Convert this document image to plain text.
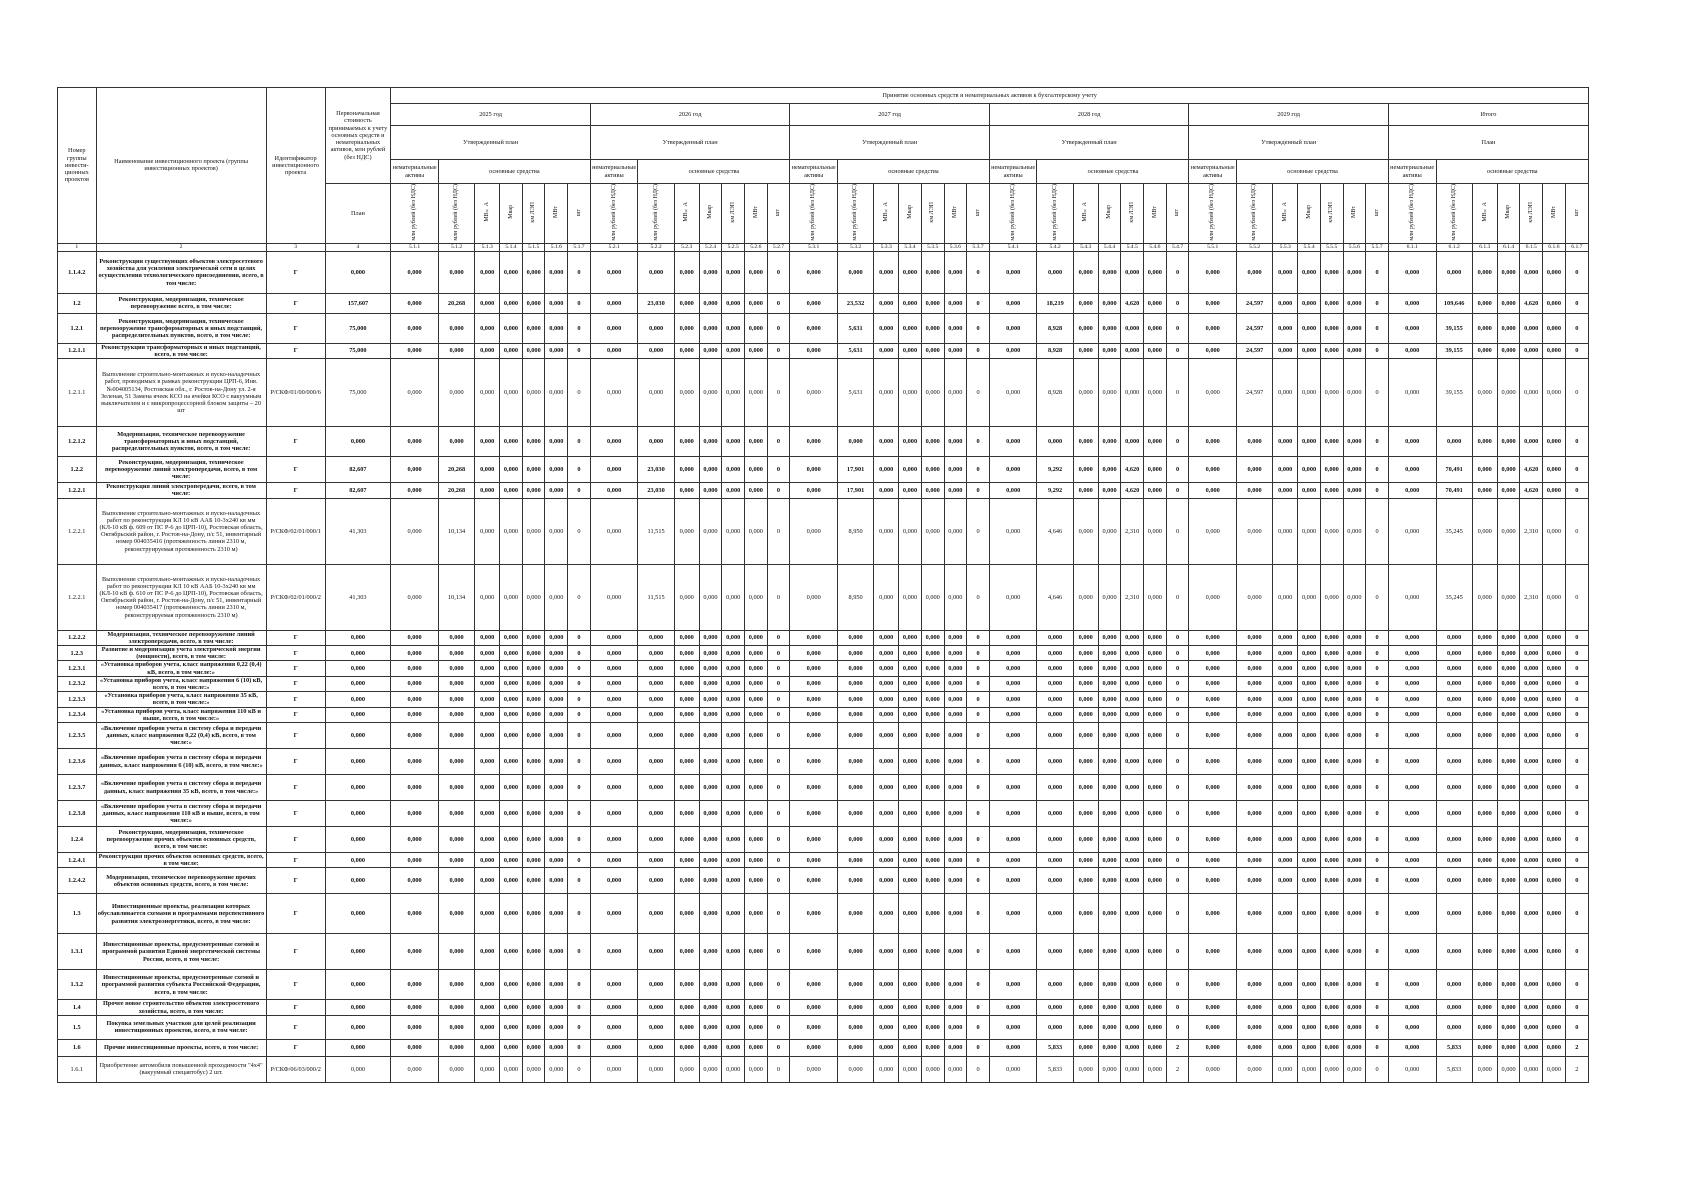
Номер группы инвести-ционных проектов	Наименование инвестиционного проекта (группы инвестиционных проектов)	Идентификатор инвестиционного проекта	Первоначальная стоимость принимаемых к учету основных средств и нематериальных активов, млн рублей (без НДС)	Принятие основных средств и нематериальных активов к бухгалтерскому учету																																									
				2025 год							2026 год							2027 год							2028 год							2029 год							Итого						
				Утвержденный план							Утвержденный план							Утвержденный план							Утвержденный план							Утвержденный план							План						
				нематериальные активы	основные средства						нематериальные активы	основные средства						нематериальные активы	основные средства						нематериальные активы	основные средства						нематериальные активы	основные средства						нематериальные активы	основные средства					
			План	млн рублей (без НДС)	млн рублей (без НДС)	МВ×А	Мвар	км ЛЭП	МВт	шт	млн рублей (без НДС)	млн рублей (без НДС)	МВ×А	Мвар	км ЛЭП	МВт	шт	млн рублей (без НДС)	млн рублей (без НДС)	МВ×А	Мвар	км ЛЭП	МВт	шт	млн рублей (без НДС)	млн рублей (без НДС)	МВ×А	Мвар	км ЛЭП	МВт	шт	млн рублей (без НДС)	млн рублей (без НДС)	МВ×А	Мвар	км ЛЭП	МВт	шт	млн рублей (без НДС)	млн рублей (без НДС)	МВ×А	Мвар	км ЛЭП	МВт	шт
1	2	3	4	5.1.1	5.1.2	5.1.3	5.1.4	5.1.5	5.1.6	5.1.7	5.2.1	5.2.2	5.2.3	5.2.4	5.2.5	5.2.6	5.2.7	5.3.1	5.3.2	5.3.3	5.3.4	5.3.5	5.3.6	5.3.7	5.4.1	5.4.2	5.4.3	5.4.4	5.4.5	5.4.6	5.4.7	5.5.1	5.5.2	5.5.3	5.5.4	5.5.5	5.5.6	5.5.7	6.1.1	6.1.2	6.1.3	6.1.4	6.1.5	6.1.6	6.1.7
1.1.4.2	Реконструкция существующих объектов электросетевого хозяйства для усиления электрической сети в целях осуществления технологического присоединения, всего, в том числе:	Г	0,000	0,000	0,000	0,000	0,000	0,000	0,000	0	0,000	0,000	0,000	0,000	0,000	0,000	0	0,000	0,000	0,000	0,000	0,000	0,000	0	0,000	0,000	0,000	0,000	0,000	0,000	0	0,000	0,000	0,000	0,000	0,000	0,000	0	0,000	0,000	0,000	0,000	0,000	0,000	0
1.2	Реконструкция, модернизация, техническое перевооружение всего, в том числе:	Г	157,607	0,000	20,268	0,000	0,000	0,000	0,000	0	0,000	23,030	0,000	0,000	0,000	0,000	0	0,000	23,532	0,000	0,000	0,000	0,000	0	0,000	18,219	0,000	0,000	4,620	0,000	0	0,000	24,597	0,000	0,000	0,000	0,000	0	0,000	109,646	0,000	0,000	4,620	0,000	0
1.2.1	Реконструкция, модернизация, техническое перевооружение трансформаторных и иных подстанций, распределительных пунктов, всего, в том числе:	Г	75,000	0,000	0,000	0,000	0,000	0,000	0,000	0	0,000	0,000	0,000	0,000	0,000	0,000	0	0,000	5,631	0,000	0,000	0,000	0,000	0	0,000	8,928	0,000	0,000	0,000	0,000	0	0,000	24,597	0,000	0,000	0,000	0,000	0	0,000	39,155	0,000	0,000	0,000	0,000	0
1.2.1.1	Реконструкция трансформаторных и иных подстанций, всего, в том числе:	Г	75,000	0,000	0,000	0,000	0,000	0,000	0,000	0	0,000	0,000	0,000	0,000	0,000	0,000	0	0,000	5,631	0,000	0,000	0,000	0,000	0	0,000	8,928	0,000	0,000	0,000	0,000	0	0,000	24,597	0,000	0,000	0,000	0,000	0	0,000	39,155	0,000	0,000	0,000	0,000	0
1.2.1.1	Выполнение строительно-монтажных и пуско-наладочных работ, проводимых в рамках реконструкции ЦРП-6, Инв. №004005134, Ростовская обл., г. Ростов-на-Дону ул. 2-я Зеленая, 51 Замена ячеек КСО на ячейки КСО с вакуумным выключателем и с микропроцессорной блоком защиты – 20 шт	Р/СКФ/01/00/000/6	75,000	0,000	0,000	0,000	0,000	0,000	0,000	0	0,000	0,000	0,000	0,000	0,000	0,000	0	0,000	5,631	0,000	0,000	0,000	0,000	0	0,000	8,928	0,000	0,000	0,000	0,000	0	0,000	24,597	0,000	0,000	0,000	0,000	0	0,000	39,155	0,000	0,000	0,000	0,000	0
1.2.1.2	Модернизация, техническое перевооружение трансформаторных и иных подстанций, распределительных пунктов, всего, в том числе:	Г	0,000	0,000	0,000	0,000	0,000	0,000	0,000	0	0,000	0,000	0,000	0,000	0,000	0,000	0	0,000	0,000	0,000	0,000	0,000	0,000	0	0,000	0,000	0,000	0,000	0,000	0,000	0	0,000	0,000	0,000	0,000	0,000	0,000	0	0,000	0,000	0,000	0,000	0,000	0,000	0
1.2.2	Реконструкция, модернизация, техническое перевооружение линий электропередачи, всего, в том числе:	Г	82,607	0,000	20,268	0,000	0,000	0,000	0,000	0	0,000	23,030	0,000	0,000	0,000	0,000	0	0,000	17,901	0,000	0,000	0,000	0,000	0	0,000	9,292	0,000	0,000	4,620	0,000	0	0,000	0,000	0,000	0,000	0,000	0,000	0	0,000	70,491	0,000	0,000	4,620	0,000	0
1.2.2.1	Реконструкция линий электропередачи, всего, в том числе:	Г	82,607	0,000	20,268	0,000	0,000	0,000	0,000	0	0,000	23,030	0,000	0,000	0,000	0,000	0	0,000	17,901	0,000	0,000	0,000	0,000	0	0,000	9,292	0,000	0,000	4,620	0,000	0	0,000	0,000	0,000	0,000	0,000	0,000	0	0,000	70,491	0,000	0,000	4,620	0,000	0
1.2.2.1	Выполнение строительно-монтажных и пуско-наладочных работ по реконструкции КЛ 10 кВ ААБ 10-3х240 кв мм (КЛ-10 кВ ф. 609 от ПС Р-6 до ЦРП-10), Ростовская область, Октябрьский район, г. Ростов-на-Дону, п/с 51, инвентарный номер 004035416 (протяженность линии 2310 м, реконструируемая протяженность 2310 м)	Р/СКФ/02/01/000/1	41,303	0,000	10,134	0,000	0,000	0,000	0,000	0	0,000	11,515	0,000	0,000	0,000	0,000	0	0,000	8,950	0,000	0,000	0,000	0,000	0	0,000	4,646	0,000	0,000	2,310	0,000	0	0,000	0,000	0,000	0,000	0,000	0,000	0	0,000	35,245	0,000	0,000	2,310	0,000	0
1.2.2.1	Выполнение строительно-монтажных и пуско-наладочных работ по реконструкции КЛ 10 кВ ААБ 10-3х240 кв мм (КЛ-10 кВ ф. 610 от ПС Р-6 до ЦРП-10), Ростовская область, Октябрьский район, г. Ростов-на-Дону, п/с 51, инвентарный номер 004035417 (протяженность линии 2310 м, реконструируемая протяженность 2310 м)	Р/СКФ/02/01/000/2	41,303	0,000	10,134	0,000	0,000	0,000	0,000	0	0,000	11,515	0,000	0,000	0,000	0,000	0	0,000	8,950	0,000	0,000	0,000	0,000	0	0,000	4,646	0,000	0,000	2,310	0,000	0	0,000	0,000	0,000	0,000	0,000	0,000	0	0,000	35,245	0,000	0,000	2,310	0,000	0
1.2.2.2	Модернизация, техническое перевооружение линий электропередачи, всего, в том числе:	Г	0,000	0,000	0,000	0,000	0,000	0,000	0,000	0	0,000	0,000	0,000	0,000	0,000	0,000	0	0,000	0,000	0,000	0,000	0,000	0,000	0	0,000	0,000	0,000	0,000	0,000	0,000	0	0,000	0,000	0,000	0,000	0,000	0,000	0	0,000	0,000	0,000	0,000	0,000	0,000	0
1.2.3	Развитие и модернизация учета электрической энергии (мощности), всего, в том числе:	Г	0,000	0,000	0,000	0,000	0,000	0,000	0,000	0	0,000	0,000	0,000	0,000	0,000	0,000	0	0,000	0,000	0,000	0,000	0,000	0,000	0	0,000	0,000	0,000	0,000	0,000	0,000	0	0,000	0,000	0,000	0,000	0,000	0,000	0	0,000	0,000	0,000	0,000	0,000	0,000	0
1.2.3.1	«Установка приборов учета, класс напряжения 0,22 (0,4) кВ, всего, в том числе:»	Г	0,000	0,000	0,000	0,000	0,000	0,000	0,000	0	0,000	0,000	0,000	0,000	0,000	0,000	0	0,000	0,000	0,000	0,000	0,000	0,000	0	0,000	0,000	0,000	0,000	0,000	0,000	0	0,000	0,000	0,000	0,000	0,000	0,000	0	0,000	0,000	0,000	0,000	0,000	0,000	0
1.2.3.2	«Установка приборов учета, класс напряжения 6 (10) кВ, всего, в том числе:»	Г	0,000	0,000	0,000	0,000	0,000	0,000	0,000	0	0,000	0,000	0,000	0,000	0,000	0,000	0	0,000	0,000	0,000	0,000	0,000	0,000	0	0,000	0,000	0,000	0,000	0,000	0,000	0	0,000	0,000	0,000	0,000	0,000	0,000	0	0,000	0,000	0,000	0,000	0,000	0,000	0
1.2.3.3	«Установка приборов учета, класс напряжения 35 кВ, всего, в том числе:»	Г	0,000	0,000	0,000	0,000	0,000	0,000	0,000	0	0,000	0,000	0,000	0,000	0,000	0,000	0	0,000	0,000	0,000	0,000	0,000	0,000	0	0,000	0,000	0,000	0,000	0,000	0,000	0	0,000	0,000	0,000	0,000	0,000	0,000	0	0,000	0,000	0,000	0,000	0,000	0,000	0
1.2.3.4	«Установка приборов учета, класс напряжения 110 кВ и выше, всего, в том числе:»	Г	0,000	0,000	0,000	0,000	0,000	0,000	0,000	0	0,000	0,000	0,000	0,000	0,000	0,000	0	0,000	0,000	0,000	0,000	0,000	0,000	0	0,000	0,000	0,000	0,000	0,000	0,000	0	0,000	0,000	0,000	0,000	0,000	0,000	0	0,000	0,000	0,000	0,000	0,000	0,000	0
1.2.3.5	«Включение приборов учета в систему сбора и передачи данных, класс напряжения 0,22 (0,4) кВ, всего, в том числе:»	Г	0,000	0,000	0,000	0,000	0,000	0,000	0,000	0	0,000	0,000	0,000	0,000	0,000	0,000	0	0,000	0,000	0,000	0,000	0,000	0,000	0	0,000	0,000	0,000	0,000	0,000	0,000	0	0,000	0,000	0,000	0,000	0,000	0,000	0	0,000	0,000	0,000	0,000	0,000	0,000	0
1.2.3.6	«Включение приборов учета в систему сбора и передачи данных, класс напряжения 6 (10) кВ, всего, в том числе:»	Г	0,000	0,000	0,000	0,000	0,000	0,000	0,000	0	0,000	0,000	0,000	0,000	0,000	0,000	0	0,000	0,000	0,000	0,000	0,000	0,000	0	0,000	0,000	0,000	0,000	0,000	0,000	0	0,000	0,000	0,000	0,000	0,000	0,000	0	0,000	0,000	0,000	0,000	0,000	0,000	0
1.2.3.7	«Включение приборов учета в систему сбора и передачи данных, класс напряжения 35 кВ, всего, в том числе:»	Г	0,000	0,000	0,000	0,000	0,000	0,000	0,000	0	0,000	0,000	0,000	0,000	0,000	0,000	0	0,000	0,000	0,000	0,000	0,000	0,000	0	0,000	0,000	0,000	0,000	0,000	0,000	0	0,000	0,000	0,000	0,000	0,000	0,000	0	0,000	0,000	0,000	0,000	0,000	0,000	0
1.2.3.8	«Включение приборов учета в систему сбора и передачи данных, класс напряжения 110 кВ и выше, всего, в том числе:»	Г	0,000	0,000	0,000	0,000	0,000	0,000	0,000	0	0,000	0,000	0,000	0,000	0,000	0,000	0	0,000	0,000	0,000	0,000	0,000	0,000	0	0,000	0,000	0,000	0,000	0,000	0,000	0	0,000	0,000	0,000	0,000	0,000	0,000	0	0,000	0,000	0,000	0,000	0,000	0,000	0
1.2.4	Реконструкция, модернизация, техническое перевооружение прочих объектов основных средств, всего, в том числе:	Г	0,000	0,000	0,000	0,000	0,000	0,000	0,000	0	0,000	0,000	0,000	0,000	0,000	0,000	0	0,000	0,000	0,000	0,000	0,000	0,000	0	0,000	0,000	0,000	0,000	0,000	0,000	0	0,000	0,000	0,000	0,000	0,000	0,000	0	0,000	0,000	0,000	0,000	0,000	0,000	0
1.2.4.1	Реконструкция прочих объектов основных средств, всего, в том числе:	Г	0,000	0,000	0,000	0,000	0,000	0,000	0,000	0	0,000	0,000	0,000	0,000	0,000	0,000	0	0,000	0,000	0,000	0,000	0,000	0,000	0	0,000	0,000	0,000	0,000	0,000	0,000	0	0,000	0,000	0,000	0,000	0,000	0,000	0	0,000	0,000	0,000	0,000	0,000	0,000	0
1.2.4.2	Модернизация, техническое перевооружение прочих объектов основных средств, всего, в том числе:	Г	0,000	0,000	0,000	0,000	0,000	0,000	0,000	0	0,000	0,000	0,000	0,000	0,000	0,000	0	0,000	0,000	0,000	0,000	0,000	0,000	0	0,000	0,000	0,000	0,000	0,000	0,000	0	0,000	0,000	0,000	0,000	0,000	0,000	0	0,000	0,000	0,000	0,000	0,000	0,000	0
1.3	Инвестиционные проекты, реализация которых обуславливается схемами и программами перспективного развития электроэнергетики, всего, в том числе:	Г	0,000	0,000	0,000	0,000	0,000	0,000	0,000	0	0,000	0,000	0,000	0,000	0,000	0,000	0	0,000	0,000	0,000	0,000	0,000	0,000	0	0,000	0,000	0,000	0,000	0,000	0,000	0	0,000	0,000	0,000	0,000	0,000	0,000	0	0,000	0,000	0,000	0,000	0,000	0,000	0
1.3.1	Инвестиционные проекты, предусмотренные схемой и программой развития Единой энергетической системы России, всего, в том числе:	Г	0,000	0,000	0,000	0,000	0,000	0,000	0,000	0	0,000	0,000	0,000	0,000	0,000	0,000	0	0,000	0,000	0,000	0,000	0,000	0,000	0	0,000	0,000	0,000	0,000	0,000	0,000	0	0,000	0,000	0,000	0,000	0,000	0,000	0	0,000	0,000	0,000	0,000	0,000	0,000	0
1.3.2	Инвестиционные проекты, предусмотренные схемой и программой развития субъекта Российской Федерации, всего, в том числе:	Г	0,000	0,000	0,000	0,000	0,000	0,000	0,000	0	0,000	0,000	0,000	0,000	0,000	0,000	0	0,000	0,000	0,000	0,000	0,000	0,000	0	0,000	0,000	0,000	0,000	0,000	0,000	0	0,000	0,000	0,000	0,000	0,000	0,000	0	0,000	0,000	0,000	0,000	0,000	0,000	0
1.4	Прочее новое строительство объектов электросетевого хозяйства, всего, в том числе:	Г	0,000	0,000	0,000	0,000	0,000	0,000	0,000	0	0,000	0,000	0,000	0,000	0,000	0,000	0	0,000	0,000	0,000	0,000	0,000	0,000	0	0,000	0,000	0,000	0,000	0,000	0,000	0	0,000	0,000	0,000	0,000	0,000	0,000	0	0,000	0,000	0,000	0,000	0,000	0,000	0
1.5	Покупка земельных участков для целей реализации инвестиционных проектов, всего, в том числе:	Г	0,000	0,000	0,000	0,000	0,000	0,000	0,000	0	0,000	0,000	0,000	0,000	0,000	0,000	0	0,000	0,000	0,000	0,000	0,000	0,000	0	0,000	0,000	0,000	0,000	0,000	0,000	0	0,000	0,000	0,000	0,000	0,000	0,000	0	0,000	0,000	0,000	0,000	0,000	0,000	0
1.6	Прочие инвестиционные проекты, всего, в том числе:	Г	0,000	0,000	0,000	0,000	0,000	0,000	0,000	0	0,000	0,000	0,000	0,000	0,000	0,000	0	0,000	0,000	0,000	0,000	0,000	0,000	0	0,000	5,833	0,000	0,000	0,000	0,000	2	0,000	0,000	0,000	0,000	0,000	0,000	0	0,000	5,833	0,000	0,000	0,000	0,000	2
1.6.1	Приобретение автомобиля повышенной проходимости "4х4" (вакуумный спецавтобус) 2 шт.	Р/СКФ/06/03/000/2	0,000	0,000	0,000	0,000	0,000	0,000	0,000	0	0,000	0,000	0,000	0,000	0,000	0,000	0	0,000	0,000	0,000	0,000	0,000	0,000	0	0,000	5,833	0,000	0,000	0,000	0,000	2	0,000	0,000	0,000	0,000	0,000	0,000	0	0,000	5,833	0,000	0,000	0,000	0,000	2
